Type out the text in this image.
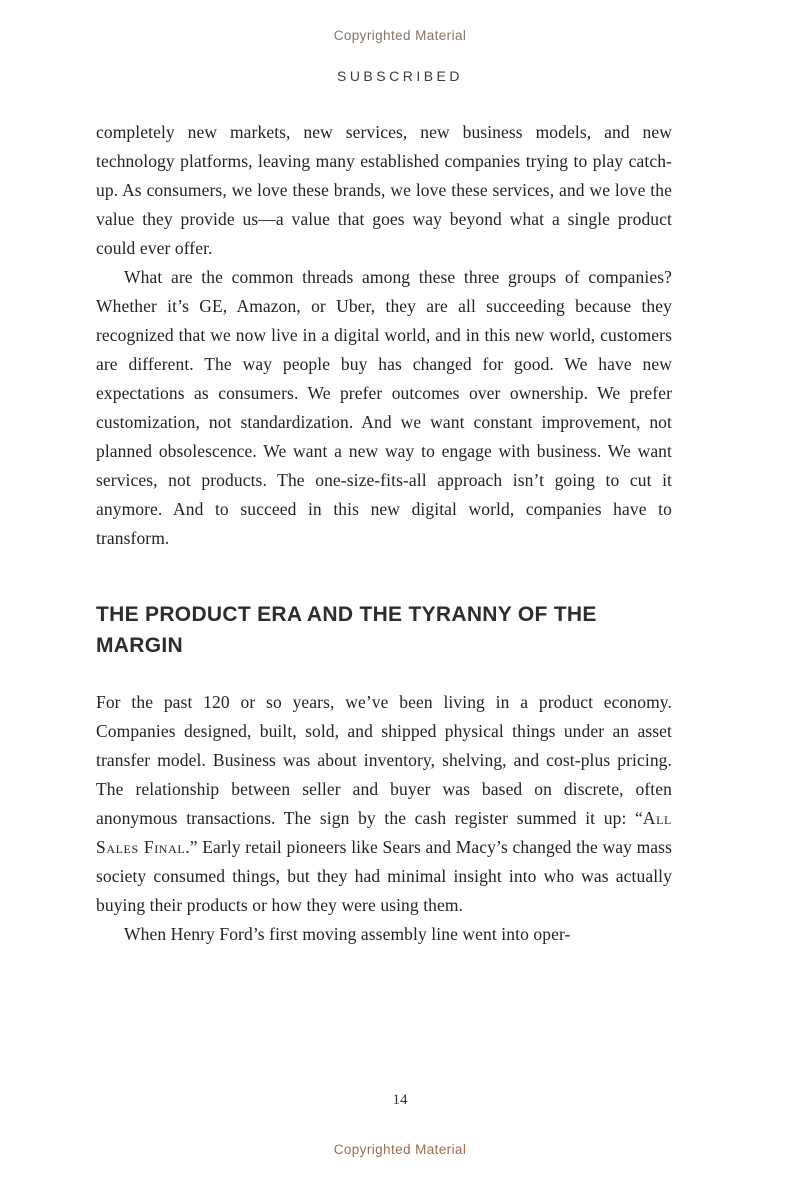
Copyrighted Material
SUBSCRIBED

completely new markets, new services, new business models, and new technology platforms, leaving many established companies trying to play catch-up. As consumers, we love these brands, we love these services, and we love the value they provide us—a value that goes way beyond what a single product could ever offer.

What are the common threads among these three groups of companies? Whether it’s GE, Amazon, or Uber, they are all succeeding because they recognized that we now live in a digital world, and in this new world, customers are different. The way people buy has changed for good. We have new expectations as consumers. We prefer outcomes over ownership. We prefer customization, not standardization. And we want constant improvement, not planned obsolescence. We want a new way to engage with business. We want services, not products. The one-size-fits-all approach isn’t going to cut it anymore. And to succeed in this new digital world, companies have to transform.

THE PRODUCT ERA AND THE TYRANNY OF THE
MARGIN

For the past 120 or so years, we’ve been living in a product economy. Companies designed, built, sold, and shipped physical things under an asset transfer model. Business was about inventory, shelving, and cost-plus pricing. The relationship between seller and buyer was based on discrete, often anonymous transactions. The sign by the cash register summed it up: “All Sales Final.” Early retail pioneers like Sears and Macy’s changed the way mass society consumed things, but they had minimal insight into who was actually buying their products or how they were using them.

When Henry Ford’s first moving assembly line went into oper-

14
Copyrighted Material
